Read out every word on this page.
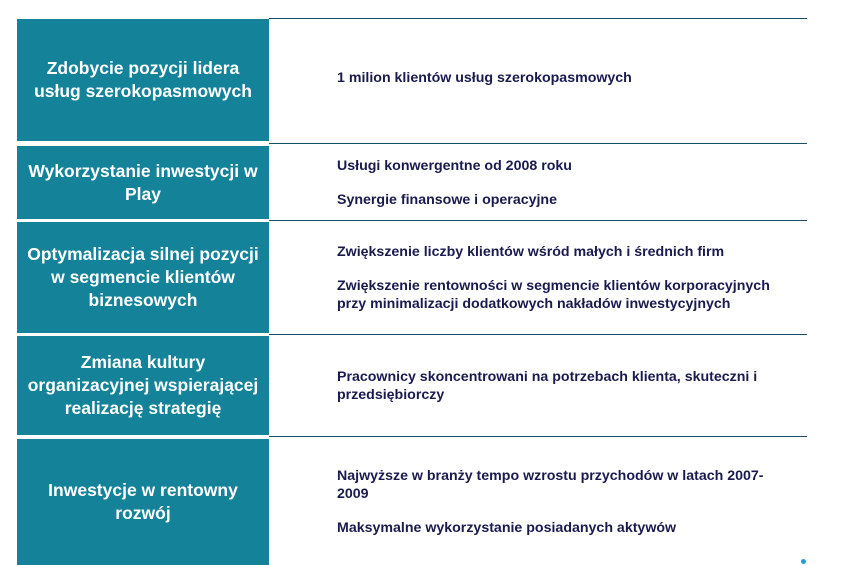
Zdobycie pozycji lidera usług szerokopasmowych

1 milion klientów usług szerokopasmowych

Wykorzystanie inwestycji w Play

Usługi konwergentne od 2008 roku

Synergie finansowe i operacyjne

Optymalizacja silnej pozycji w segmencie klientów biznesowych

Zwiększenie liczby klientów wśród małych i średnich firm

Zwiększenie rentowności w segmencie klientów korporacyjnych przy minimalizacji dodatkowych nakładów inwestycyjnych

Zmiana kultury organizacyjnej wspierającej realizację strategię

Pracownicy skoncentrowani na potrzebach klienta, skuteczni i przedsiębiorczy

Inwestycje w rentowny rozwój

Najwyższe w branży tempo wzrostu przychodów w latach 2007- 2009

Maksymalne wykorzystanie posiadanych aktywów
